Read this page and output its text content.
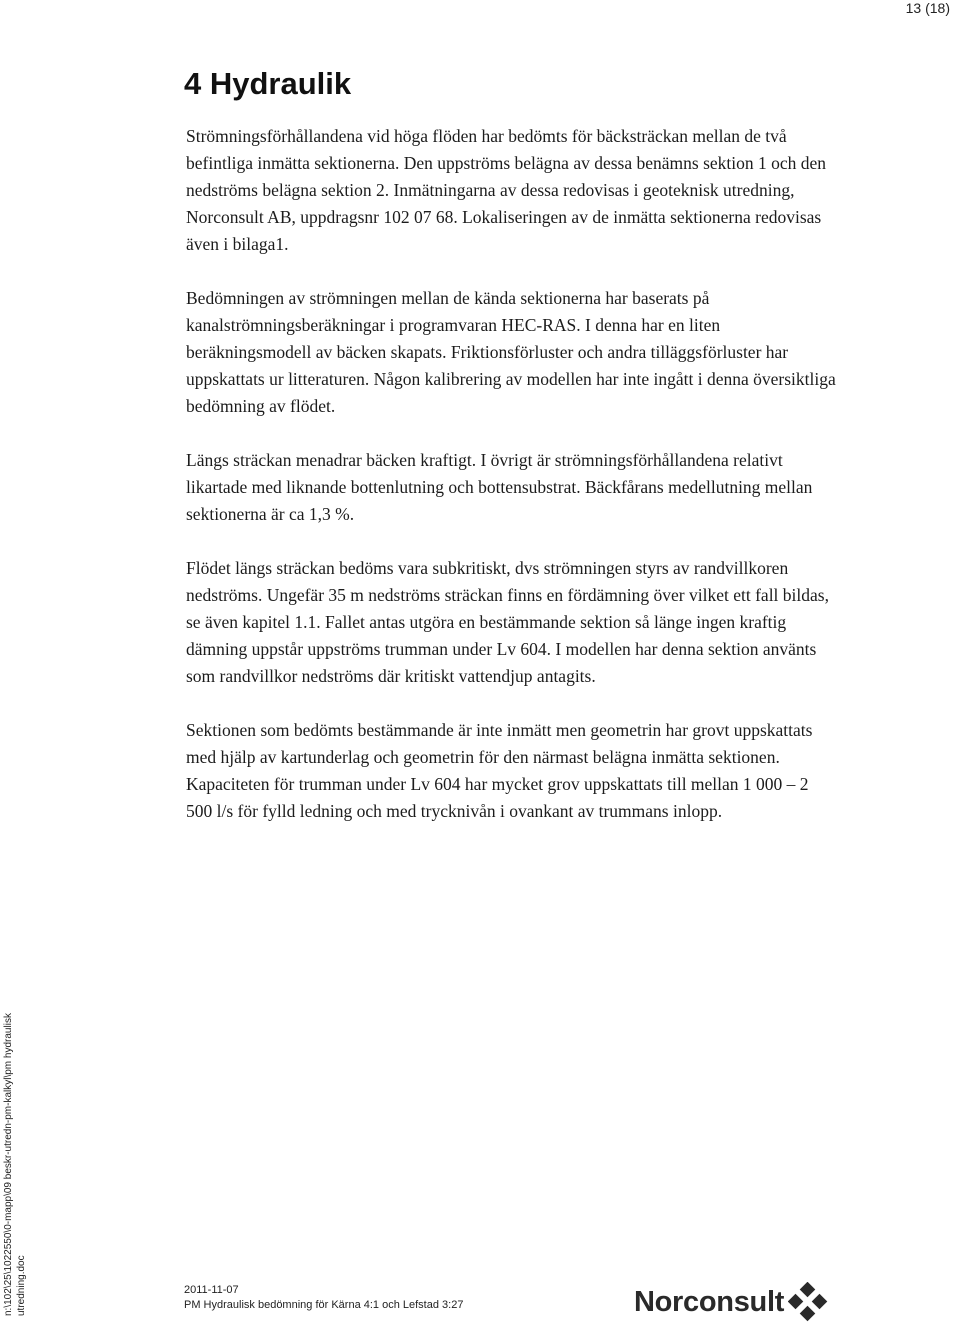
13 (18)
4 Hydraulik

Strömningsförhållandena vid höga flöden har bedömts för bäcksträckan mellan de två befintliga inmätta sektionerna. Den uppströms belägna av dessa benämns sektion 1 och den nedströms belägna sektion 2. Inmätningarna av dessa redovisas i geoteknisk utredning, Norconsult AB, uppdragsnr 102 07 68. Lokaliseringen av de inmätta sektionerna redovisas även i bilaga1.

Bedömningen av strömningen mellan de kända sektionerna har baserats på kanalströmningsberäkningar i programvaran HEC-RAS. I denna har en liten beräkningsmodell av bäcken skapats. Friktionsförluster och andra tilläggsförluster har uppskattats ur litteraturen. Någon kalibrering av modellen har inte ingått i denna översiktliga bedömning av flödet.

Längs sträckan menadrar bäcken kraftigt. I övrigt är strömningsförhållandena relativt likartade med liknande bottenlutning och bottensubstrat. Bäckfårans medellutning mellan sektionerna är ca 1,3 %.

Flödet längs sträckan bedöms vara subkritiskt, dvs strömningen styrs av randvillkoren nedströms. Ungefär 35 m nedströms sträckan finns en fördämning över vilket ett fall bildas, se även kapitel 1.1. Fallet antas utgöra en bestämmande sektion så länge ingen kraftig dämning uppstår uppströms trumman under Lv 604. I modellen har denna sektion använts som randvillkor nedströms där kritiskt vattendjup antagits.

Sektionen som bedömts bestämmande är inte inmätt men geometrin har grovt uppskattats med hjälp av kartunderlag och geometrin för den närmast belägna inmätta sektionen. Kapaciteten för trumman under Lv 604 har mycket grov uppskattats till mellan 1 000 – 2 500 l/s för fylld ledning och med trycknivån i ovankant av trummans inlopp.

n:\102\25\1022550\0-mapp\09 beskr-utredn-pm-kalkyl\pm hydraulisk utredning.doc	2011-11-07
PM Hydraulisk bedömning för Kärna 4:1 och Lefstad 3:27	Norconsult
